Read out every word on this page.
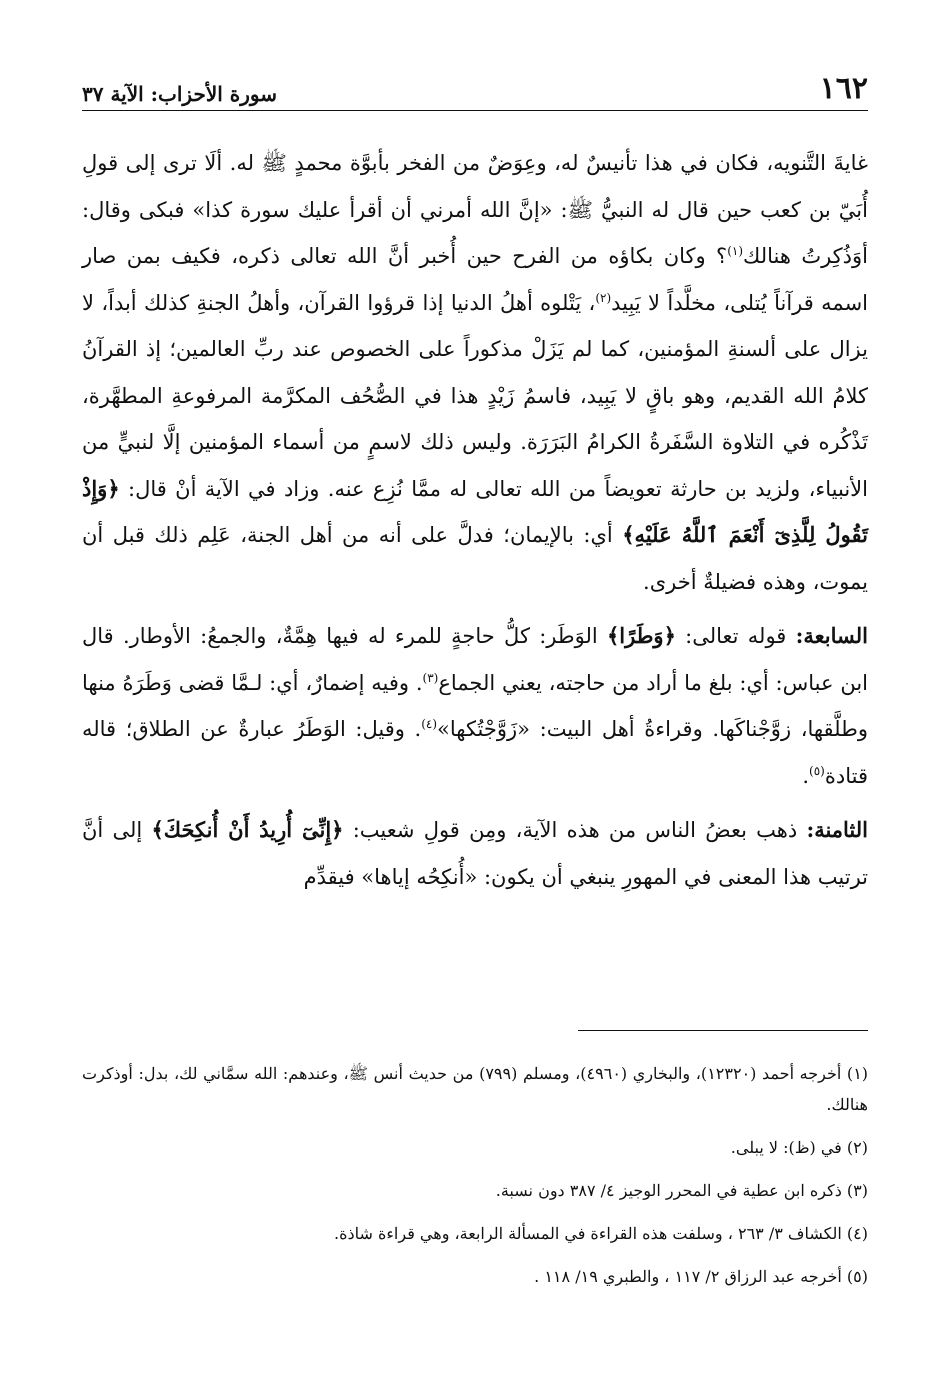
١٦٢
سورة الأحزاب: الآية ٣٧

غايةَ التَّنويه، فكان في هذا تأنيسٌ له، وعِوَضٌ من الفخر بأبوَّة محمدٍ ﷺ له. ألَا ترى إلى قولِ أُبَيّ بن كعب حين قال له النبيُّ ﷺ: «إنَّ الله أمرني أن أقرأ عليك سورة كذا» فبكى وقال: أوَذُكِرتُ هنالك$^{(١)}$؟ وكان بكاؤه من الفرح حين أُخبر أنَّ الله تعالى ذكره، فكيف بمن صار اسمه قرآناً يُتلى، مخلَّداً لا يَبِيد$^{(٢)}$، يَتْلوه أهلُ الدنيا إذا قرؤوا القرآن، وأهلُ الجنةِ كذلك أبداً، لا يزال على ألسنةِ المؤمنين، كما لم يَزَلْ مذكوراً على الخصوص عند ربِّ العالمين؛ إذ القرآنُ كلامُ الله القديم، وهو باقٍ لا يَبِيد، فاسمُ زَيْدٍ هذا في الصُّحُف المكرَّمة المرفوعةِ المطهَّرة، تَذْكُره في التلاوة السَّفَرةُ الكرامُ البَرَرَة. وليس ذلك لاسمٍ من أسماء المؤمنين إلَّا لنبيٍّ من الأنبياء، ولزيد بن حارثة تعويضاً من الله تعالى له ممَّا نُزِع عنه. وزاد في الآية أنْ قال: ﴿وَإِذْ تَقُولُ لِلَّذِىٓ أَنْعَمَ ٱللَّهُ عَلَيْهِ﴾ أي: بالإيمان؛ فدلَّ على أنه من أهل الجنة، عَلِم ذلك قبل أن يموت، وهذه فضيلةٌ أخرى.

السابعة: قوله تعالى: ﴿وَطَرًا﴾ الوَطَر: كلُّ حاجةٍ للمرء له فيها هِمَّةٌ، والجمعُ: الأوطار. قال ابن عباس: أي: بلغ ما أراد من حاجته، يعني الجماع$^{(٣)}$. وفيه إضمارٌ، أي: لـمَّا قضى وَطَرَهُ منها وطلَّقها، زوَّجْناكَها. وقراءةُ أهل البيت: «زَوَّجْتُكها»$^{(٤)}$. وقيل: الوَطَرُ عبارةٌ عن الطلاق؛ قاله قتادة$^{(٥)}$.

الثامنة: ذهب بعضُ الناس من هذه الآية، ومِن قولِ شعيب: ﴿إِنِّىٓ أُرِيدُ أَنْ أُنكِحَكَ﴾ إلى أنَّ ترتيب هذا المعنى في المهورِ ينبغي أن يكون: «أُنكِحُه إياها» فيقدِّم

(١) أخرجه أحمد (١٢٣٢٠)، والبخاري (٤٩٦٠)، ومسلم (٧٩٩) من حديث أنس ﷺ، وعندهم: الله سمَّاني لك، بدل: أوذكرت هنالك.

(٢) في (ظ): لا يبلى.

(٣) ذكره ابن عطية في المحرر الوجيز ٤/ ٣٨٧ دون نسبة.

(٤) الكشاف ٣/ ٢٦٣ ، وسلفت هذه القراءة في المسألة الرابعة، وهي قراءة شاذة.

(٥) أخرجه عبد الرزاق ٢/ ١١٧ ، والطبري ١٩/ ١١٨ .
